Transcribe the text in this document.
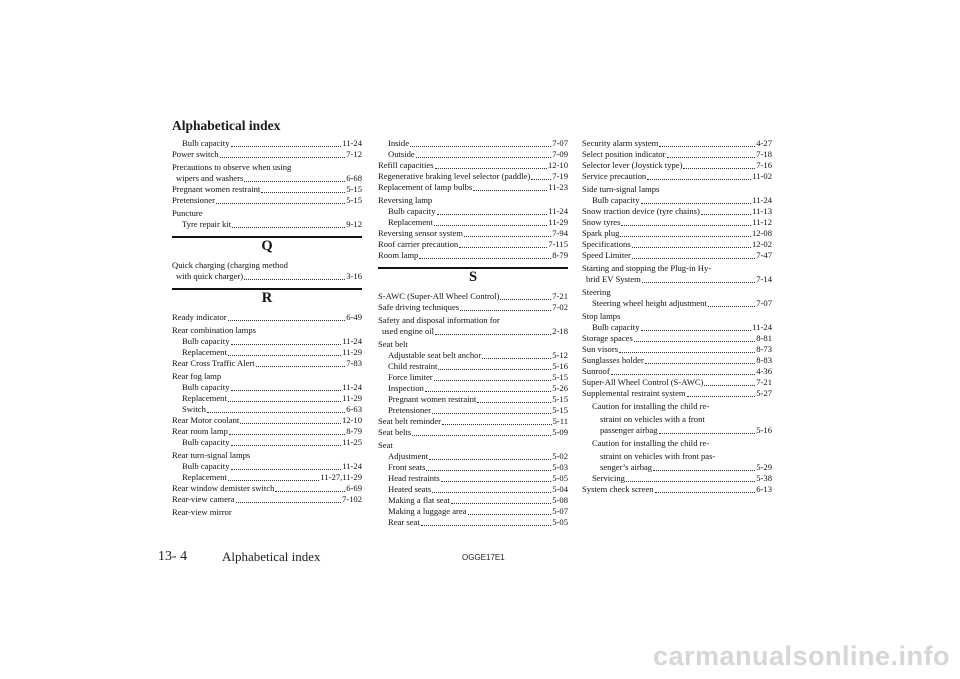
Alphabetical index
Bulb capacity	11-24
Power switch	7-12
Precautions to observe when using
wipers and washers	6-68
Pregnant women restraint	5-15
Pretensioner	5-15
Puncture
Tyre repair kit	9-12
Q
Quick charging (charging method
with quick charger)	3-16
R
Ready indicator	6-49
Rear combination lamps
Bulb capacity	11-24
Replacement	11-29
Rear Cross Traffic Alert	7-83
Rear fog lamp
Bulb capacity	11-24
Replacement	11-29
Switch	6-63
Rear Motor coolant	12-10
Rear room lamp	8-79
Bulb capacity	11-25
Rear turn-signal lamps
Bulb capacity	11-24
Replacement	11-27,11-29
Rear window demister switch	6-69
Rear-view camera	7-102
Rear-view mirror
Inside	7-07
Outside	7-09
Refill capacities	12-10
Regenerative braking level selector (paddle)	7-19
Replacement of lamp bulbs	11-23
Reversing lamp
Bulb capacity	11-24
Replacement	11-29
Reversing sensor system	7-94
Roof carrier precaution	7-115
Room lamp	8-79
S
S-AWC (Super-All Wheel Control)	7-21
Safe driving techniques	7-02
Safety and disposal information for
used engine oil	2-18
Seat belt
Adjustable seat belt anchor	5-12
Child restraint	5-16
Force limiter	5-15
Inspection	5-26
Pregnant women restraint	5-15
Pretensioner	5-15
Seat belt reminder	5-11
Seat belts	5-09
Seat
Adjustment	5-02
Front seats	5-03
Head restraints	5-05
Heated seats	5-04
Making a flat seat	5-08
Making a luggage area	5-07
Rear seat	5-05
Security alarm system	4-27
Select position indicator	7-18
Selector lever (Joystick type)	7-16
Service precaution	11-02
Side turn-signal lamps
Bulb capacity	11-24
Snow traction device (tyre chains)	11-13
Snow tyres	11-12
Spark plug	12-08
Specifications	12-02
Speed Limiter	7-47
Starting and stopping the Plug-in Hy-
brid EV System	7-14
Steering
Steering wheel height adjustment	7-07
Stop lamps
Bulb capacity	11-24
Storage spaces	8-81
Sun visors	8-73
Sunglasses holder	8-83
Sunroof	4-36
Super-All Wheel Control (S-AWC)	7-21
Supplemental restraint system	5-27
Caution for installing the child re-
straint on vehicles with a front
passenger airbag	5-16
Caution for installing the child re-
straint on vehicles with front pas-
senger’s airbag	5-29
Servicing	5-38
System check screen	6-13
13- 4	Alphabetical index	OGGE17E1
carmanualsonline.info
